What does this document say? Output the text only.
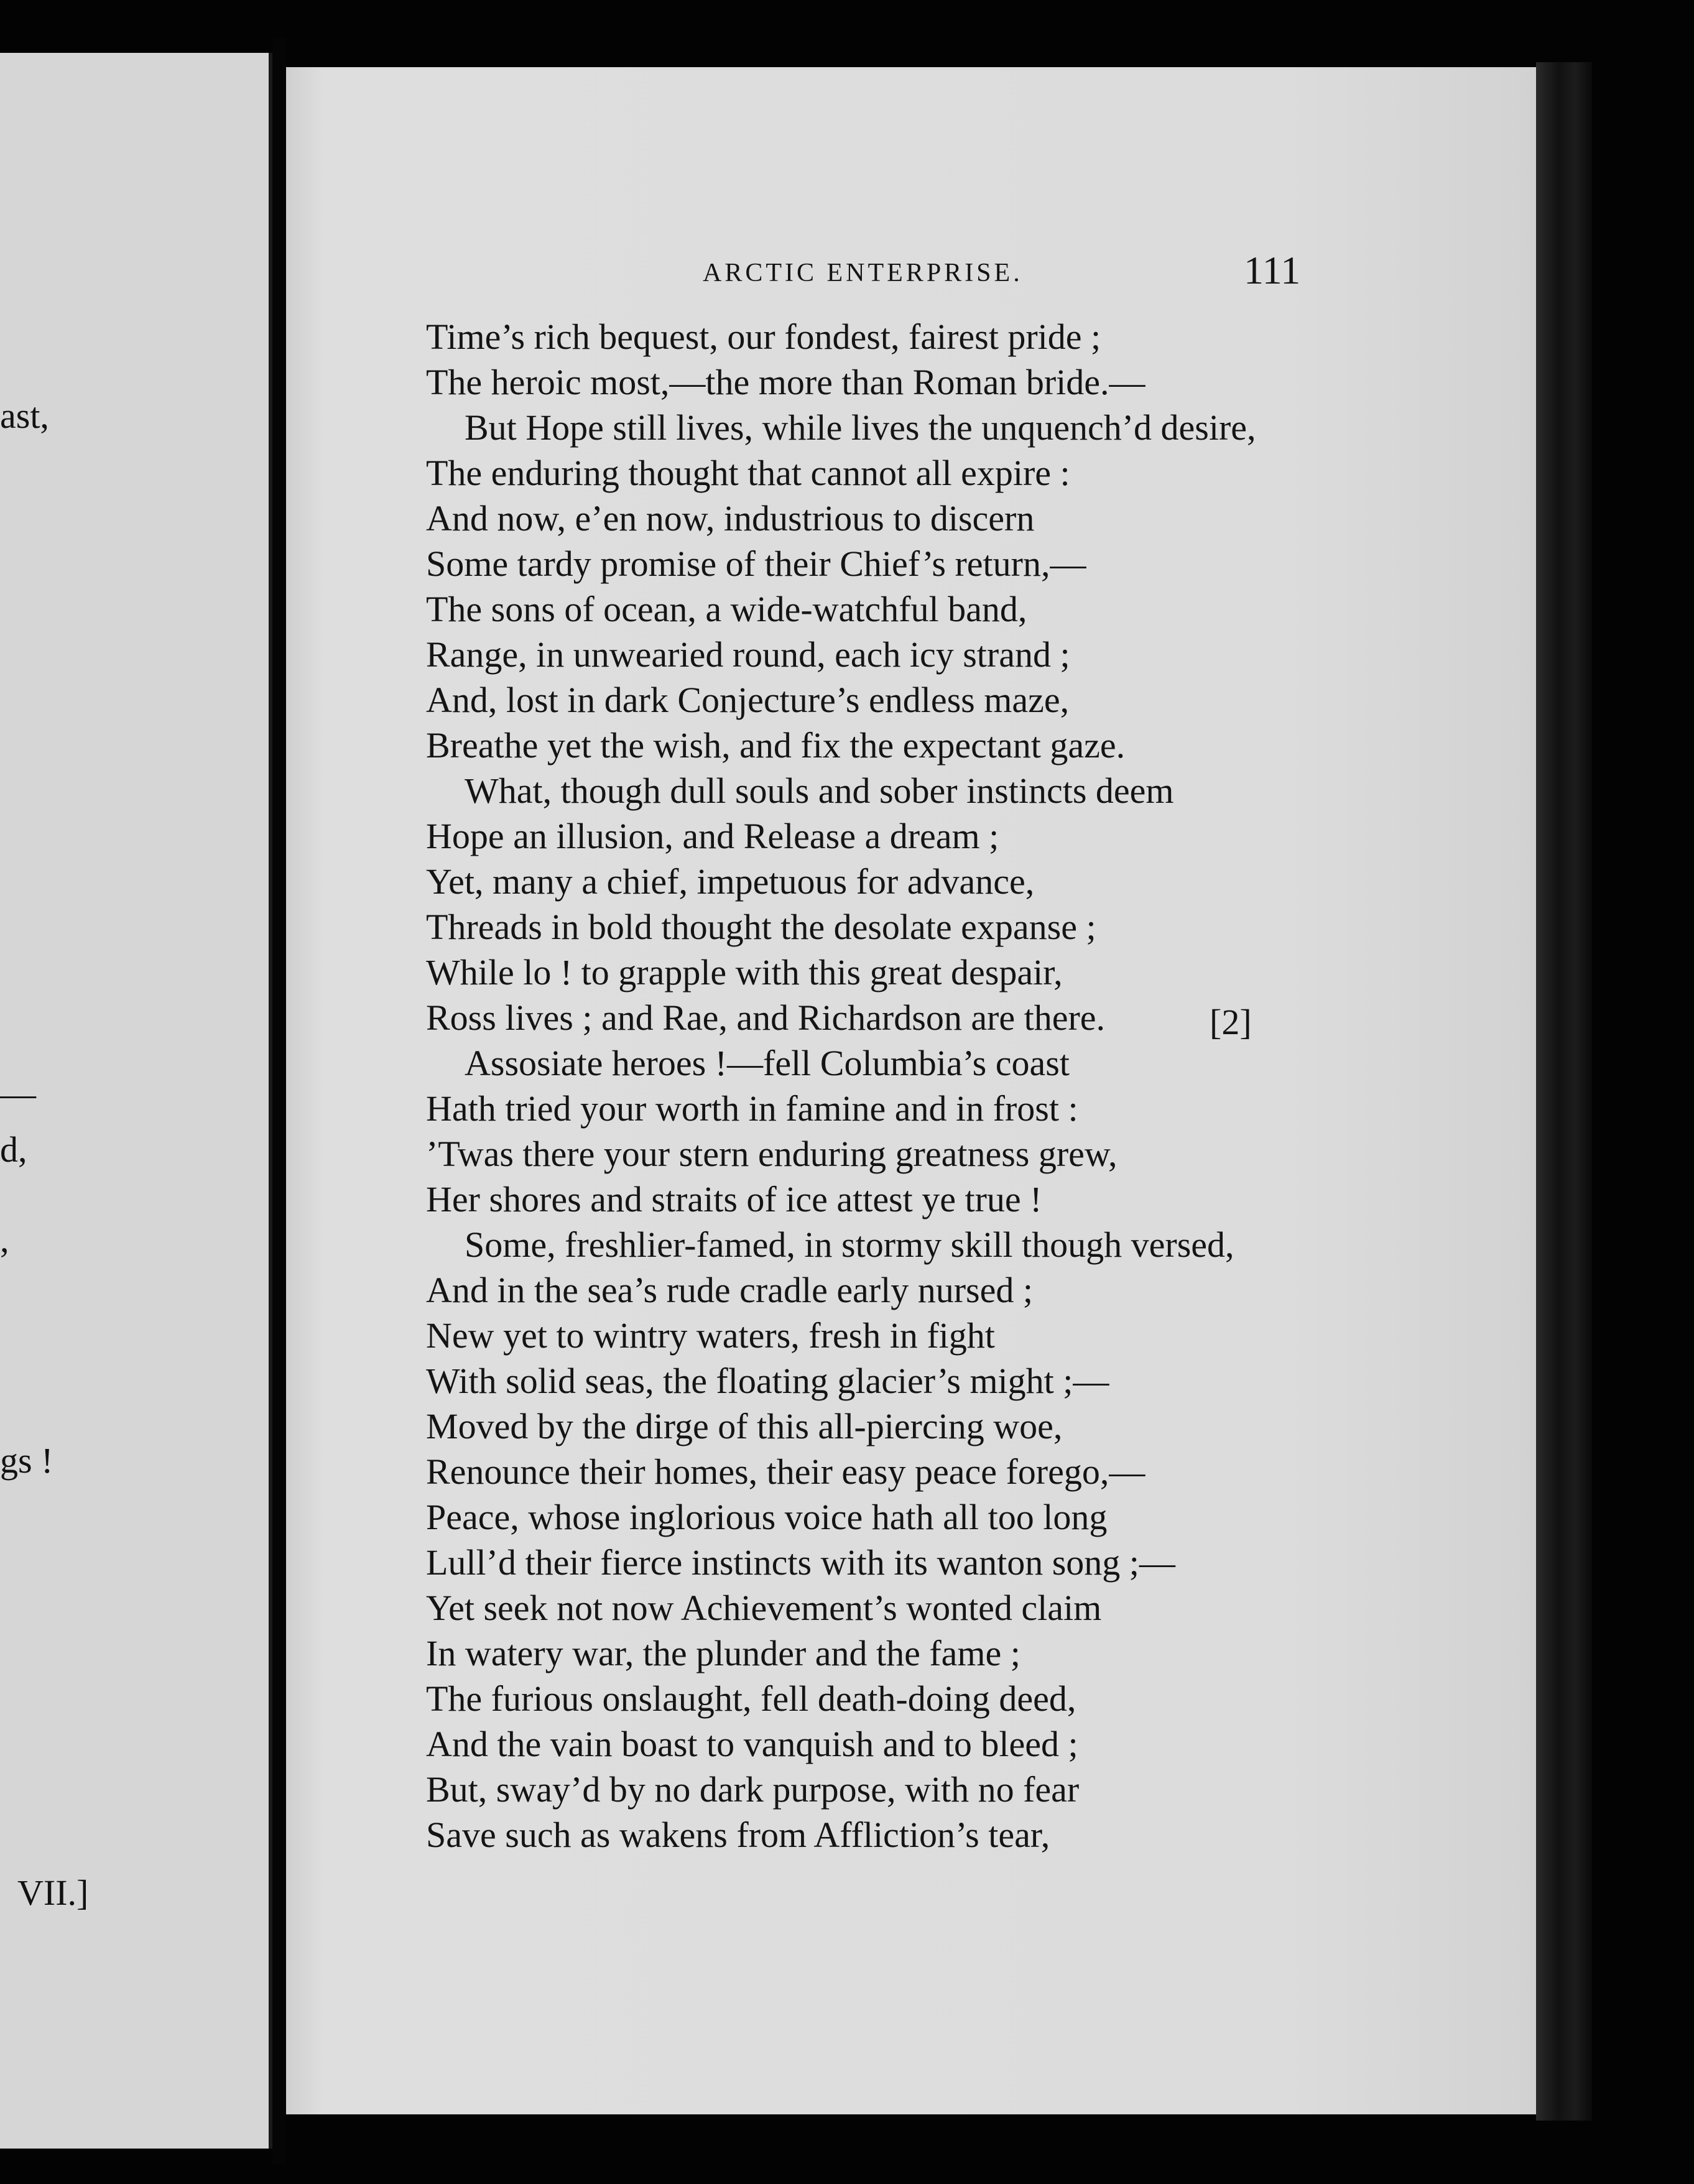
ast,
—
d,
,
gs !
VII.]
ARCTIC ENTERPRISE.	111
Time’s rich bequest, our fondest, fairest pride ;
The heroic most,—the more than Roman bride.—
But Hope still lives, while lives the unquench’d desire,
The enduring thought that cannot all expire :
And now, e’en now, industrious to discern
Some tardy promise of their Chief’s return,—
The sons of ocean, a wide-watchful band,
Range, in unwearied round, each icy strand ;
And, lost in dark Conjecture’s endless maze,
Breathe yet the wish, and fix the expectant gaze.
What, though dull souls and sober instincts deem
Hope an illusion, and Release a dream ;
Yet, many a chief, impetuous for advance,
Threads in bold thought the desolate expanse ;
While lo ! to grapple with this great despair,
Ross lives ; and Rae, and Richardson are there.
Assosiate heroes !—fell Columbia’s coast
Hath tried your worth in famine and in frost :
’Twas there your stern enduring greatness grew,
Her shores and straits of ice attest ye true !
Some, freshlier-famed, in stormy skill though versed,
And in the sea’s rude cradle early nursed ;
New yet to wintry waters, fresh in fight
With solid seas, the floating glacier’s might ;—
Moved by the dirge of this all-piercing woe,
Renounce their homes, their easy peace forego,—
Peace, whose inglorious voice hath all too long
Lull’d their fierce instincts with its wanton song ;—
Yet seek not now Achievement’s wonted claim
In watery war, the plunder and the fame ;
The furious onslaught, fell death-doing deed,
And the vain boast to vanquish and to bleed ;
But, sway’d by no dark purpose, with no fear
Save such as wakens from Affliction’s tear,
[2]
